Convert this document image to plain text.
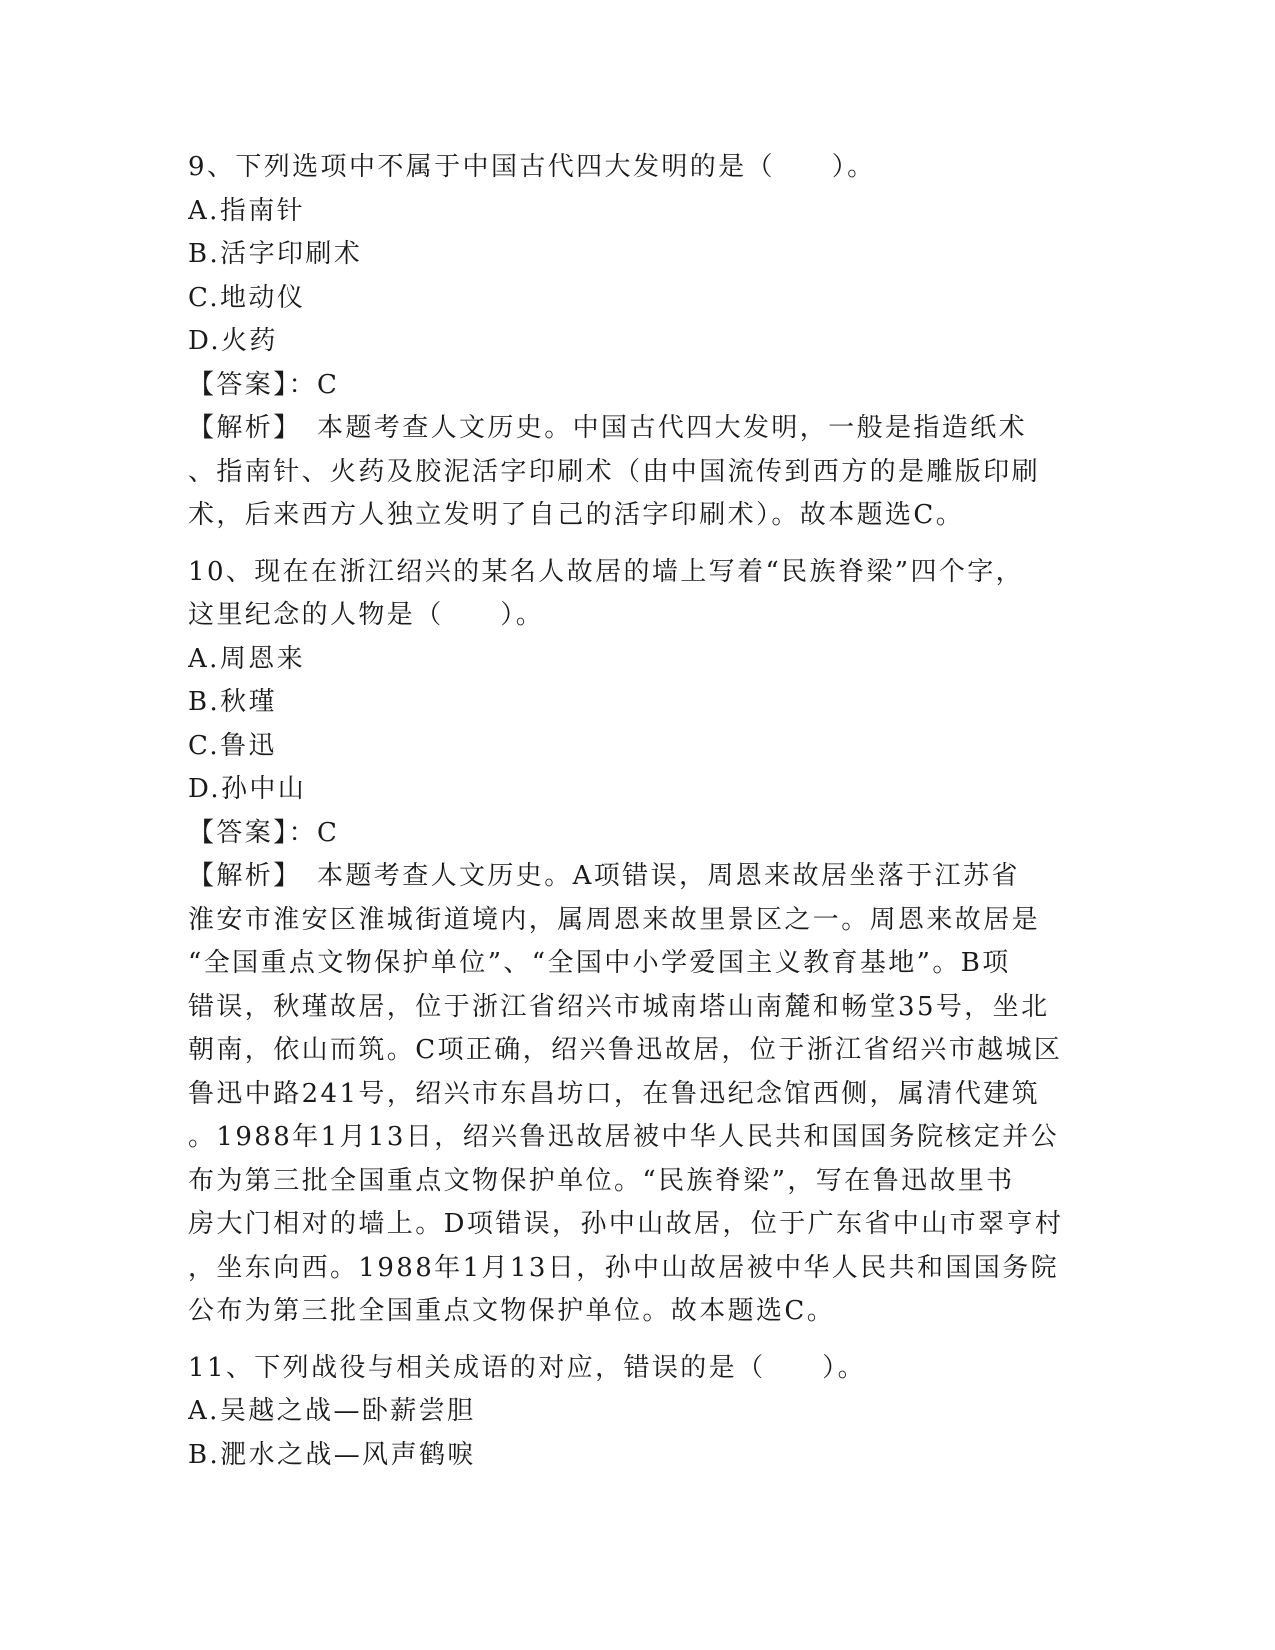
9、下列选项中不属于中国古代四大发明的是（　　）。
A.指南针
B.活字印刷术
C.地动仪
D.火药
【答案】：C
【解析】　本题考查人文历史。中国古代四大发明，一般是指造纸术
、指南针、火药及胶泥活字印刷术（由中国流传到西方的是雕版印刷
术，后来西方人独立发明了自己的活字印刷术）。故本题选C。
10、现在在浙江绍兴的某名人故居的墙上写着“民族脊梁”四个字，
这里纪念的人物是（　　）。
A.周恩来
B.秋瑾
C.鲁迅
D.孙中山
【答案】：C
【解析】　本题考查人文历史。A项错误，周恩来故居坐落于江苏省
淮安市淮安区淮城街道境内，属周恩来故里景区之一。周恩来故居是
“全国重点文物保护单位”、“全国中小学爱国主义教育基地”。B项
错误，秋瑾故居，位于浙江省绍兴市城南塔山南麓和畅堂35号，坐北
朝南，依山而筑。C项正确，绍兴鲁迅故居，位于浙江省绍兴市越城区
鲁迅中路241号，绍兴市东昌坊口，在鲁迅纪念馆西侧，属清代建筑
。1988年1月13日，绍兴鲁迅故居被中华人民共和国国务院核定并公
布为第三批全国重点文物保护单位。“民族脊梁”，写在鲁迅故里书
房大门相对的墙上。D项错误，孙中山故居，位于广东省中山市翠亨村
，坐东向西。1988年1月13日，孙中山故居被中华人民共和国国务院
公布为第三批全国重点文物保护单位。故本题选C。
11、下列战役与相关成语的对应，错误的是（　　）。
A.吴越之战—卧薪尝胆
B.淝水之战—风声鹤唳
